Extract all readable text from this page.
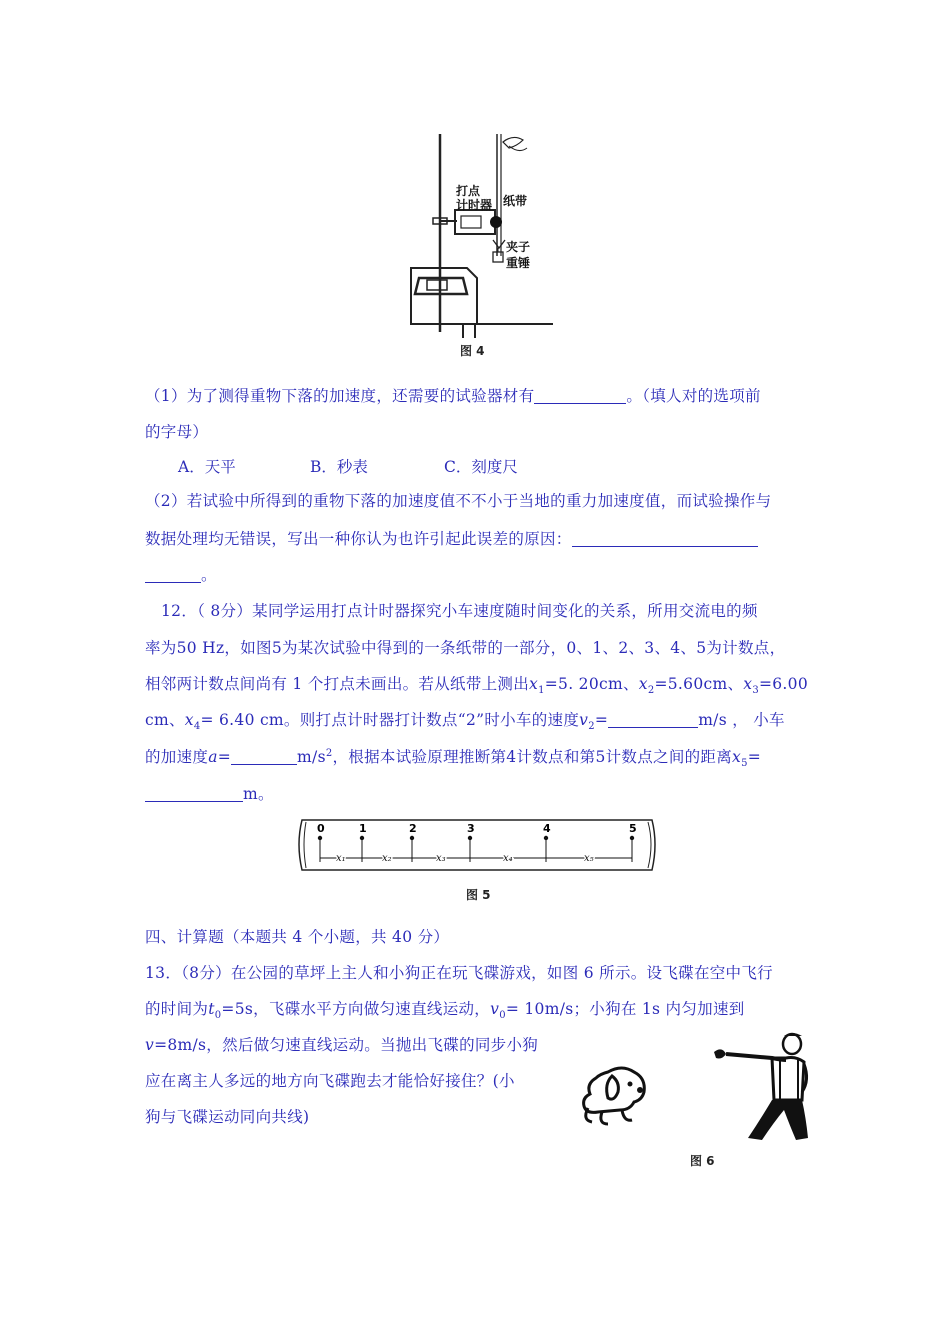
打点
计时器 纸带
夹子
重锤
图 4
（1）为了测得重物下落的加速度，还需要的试验器材有	。（填人对的选项前
的字母）
A．天平	B．秒表	C．刻度尺
（2）若试验中所得到的重物下落的加速度值不不小于当地的重力加速度值，而试验操作与
数据处理均无错误，写出一种你认为也许引起此误差的原因：
。
12．（ 8分）某同学运用打点计时器探究小车速度随时间变化的关系，所用交流电的频
率为50 Hz，如图5为某次试验中得到的一条纸带的一部分，0、1、2、3、4、5为计数点，
相邻两计数点间尚有 1 个打点未画出。若从纸带上测出$x_1=5$. 20cm、$x_2=5.60cm$、$x_3=6.00$
cm、$x_4= 6.40$ cm。则打点计时器打计数点“2”时小车的速度$v_2=$	m/s ， 小车
的加速度a=	$m/s^2$，根据本试验原理推断第4计数点和第5计数点之间的距离$x_5=$
m。
0	1	2	3	4	5
x₁	x₂	x₃	x₄	x₅
图 5
四、计算题（本题共 4 个小题，共 40 分）
13．（8分）在公园的草坪上主人和小狗正在玩飞碟游戏，如图 6 所示。设飞碟在空中飞行
的时间为$t_0=5s$，飞碟水平方向做匀速直线运动，$v_0= 10m/s$；小狗在 1s 内匀加速到
v=8m/s，然后做匀速直线运动。当抛出飞碟的同步小狗
应在离主人多远的地方向飞碟跑去才能恰好接住？(小
狗与飞碟运动同向共线)
图 6
